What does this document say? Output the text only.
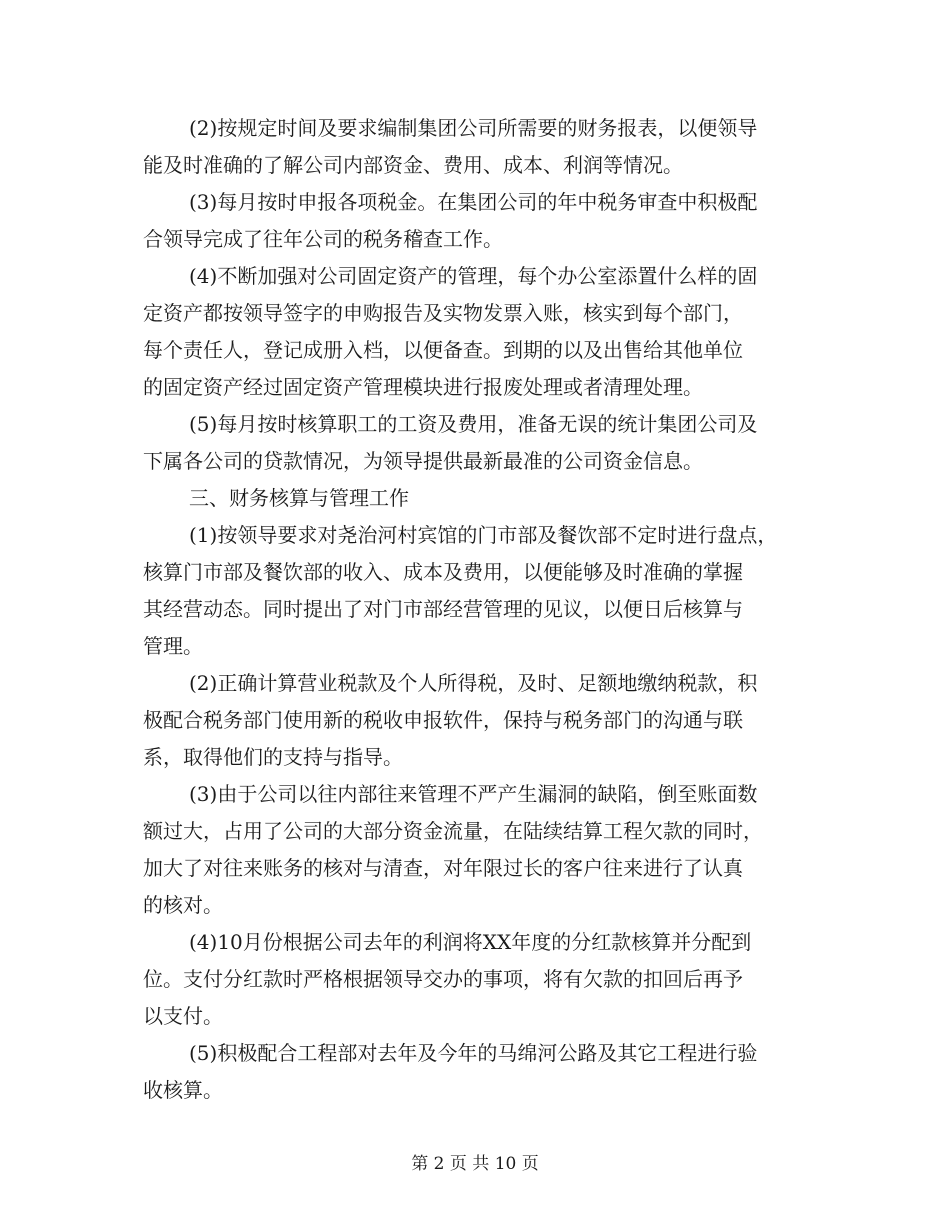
(2)按规定时间及要求编制集团公司所需要的财务报表，以便领导

能及时准确的了解公司内部资金、费用、成本、利润等情况。

(3)每月按时申报各项税金。在集团公司的年中税务审查中积极配

合领导完成了往年公司的税务稽查工作。

(4)不断加强对公司固定资产的管理，每个办公室添置什么样的固

定资产都按领导签字的申购报告及实物发票入账，核实到每个部门，

每个责任人，登记成册入档，以便备查。到期的以及出售给其他单位

的固定资产经过固定资产管理模块进行报废处理或者清理处理。

(5)每月按时核算职工的工资及费用，准备无误的统计集团公司及

下属各公司的贷款情况，为领导提供最新最准的公司资金信息。

三、财务核算与管理工作

(1)按领导要求对尧治河村宾馆的门市部及餐饮部不定时进行盘点，

核算门市部及餐饮部的收入、成本及费用，以便能够及时准确的掌握

其经营动态。同时提出了对门市部经营管理的见议，以便日后核算与

管理。

(2)正确计算营业税款及个人所得税，及时、足额地缴纳税款，积

极配合税务部门使用新的税收申报软件，保持与税务部门的沟通与联

系，取得他们的支持与指导。

(3)由于公司以往内部往来管理不严产生漏洞的缺陷，倒至账面数

额过大，占用了公司的大部分资金流量，在陆续结算工程欠款的同时，

加大了对往来账务的核对与清查，对年限过长的客户往来进行了认真

的核对。

(4)10月份根据公司去年的利润将XX年度的分红款核算并分配到

位。支付分红款时严格根据领导交办的事项，将有欠款的扣回后再予

以支付。

(5)积极配合工程部对去年及今年的马绵河公路及其它工程进行验

收核算。

第 2 页 共 10 页
